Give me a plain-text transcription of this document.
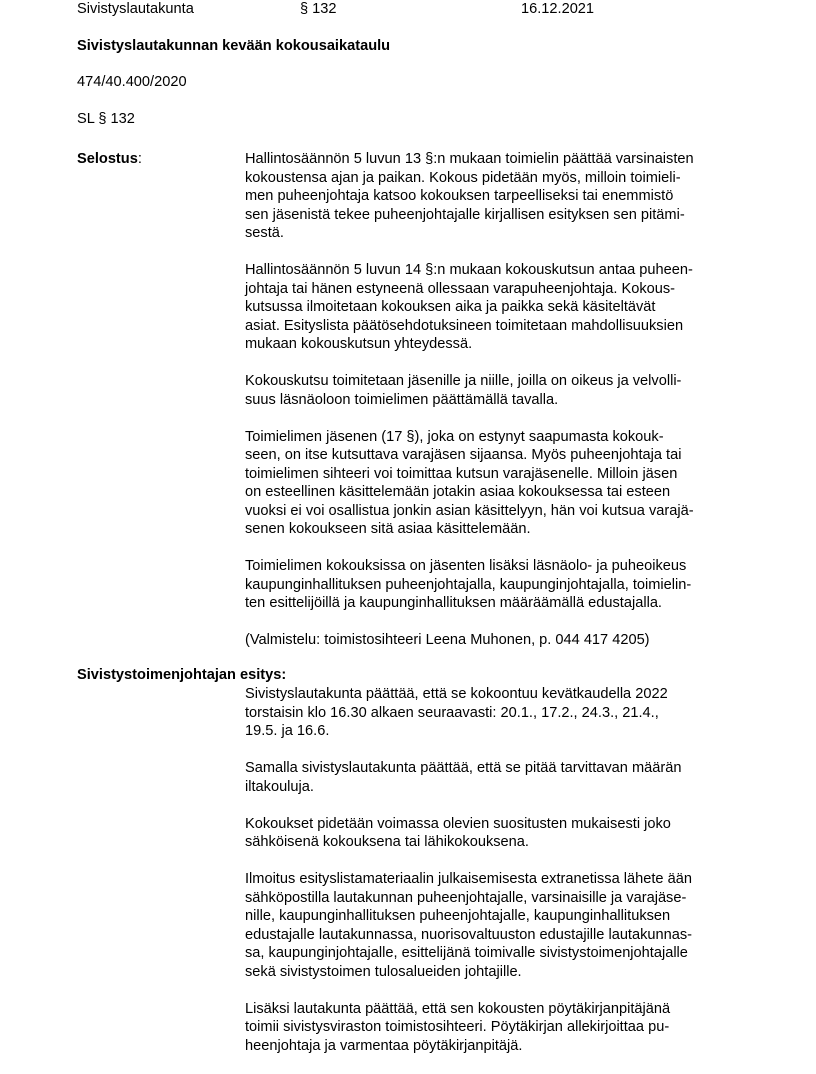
Sivistyslautakunta	§ 132	16.12.2021
Sivistyslautakunnan kevään kokousaikataulu
474/40.400/2020
SL § 132
Selostus:	Hallintosäännön 5 luvun 13 §:n mukaan toimielin päättää varsinaisten
kokoustensa ajan ja paikan. Kokous pidetään myös, milloin toimieli-
men puheenjohtaja katsoo kokouksen tarpeelliseksi tai enemmistö
sen jäsenistä tekee puheenjohtajalle kirjallisen esityksen sen pitämi-
sestä.
Hallintosäännön 5 luvun 14 §:n mukaan kokouskutsun antaa puheen-
johtaja tai hänen estyneenä ollessaan varapuheenjohtaja. Kokous-
kutsussa ilmoitetaan kokouksen aika ja paikka sekä käsiteltävät
asiat. Esityslista päätösehdotuksineen toimitetaan mahdollisuuksien
mukaan kokouskutsun yhteydessä.
Kokouskutsu toimitetaan jäsenille ja niille, joilla on oikeus ja velvolli-
suus läsnäoloon toimielimen päättämällä tavalla.
Toimielimen jäsenen (17 §), joka on estynyt saapumasta kokouk-
seen, on itse kutsuttava varajäsen sijaansa. Myös puheenjohtaja tai
toimielimen sihteeri voi toimittaa kutsun varajäsenelle. Milloin jäsen
on esteellinen käsittelemään jotakin asiaa kokouksessa tai esteen
vuoksi ei voi osallistua jonkin asian käsittelyyn, hän voi kutsua varajä-
senen kokoukseen sitä asiaa käsittelemään.
Toimielimen kokouksissa on jäsenten lisäksi läsnäolo- ja puheoikeus
kaupunginhallituksen puheenjohtajalla, kaupunginjohtajalla, toimielin-
ten esittelijöillä ja kaupunginhallituksen määräämällä edustajalla.
(Valmistelu: toimistosihteeri Leena Muhonen, p. 044 417 4205)
Sivistystoimenjohtajan esitys:
Sivistyslautakunta päättää, että se kokoontuu kevätkaudella 2022
torstaisin klo 16.30 alkaen seuraavasti: 20.1., 17.2., 24.3., 21.4.,
19.5. ja 16.6.
Samalla sivistyslautakunta päättää, että se pitää tarvittavan määrän
iltakouluja.
Kokoukset pidetään voimassa olevien suositusten mukaisesti joko
sähköisenä kokouksena tai lähikokouksena.
Ilmoitus esityslistamateriaalin julkaisemisesta extranetissa lähete ään
sähköpostilla lautakunnan puheenjohtajalle, varsinaisille ja varajäse-
nille, kaupunginhallituksen puheenjohtajalle, kaupunginhallituksen
edustajalle lautakunnassa, nuorisovaltuuston edustajille lautakunnas-
sa, kaupunginjohtajalle, esittelijänä toimivalle sivistystoimenjohtajalle
sekä sivistystoimen tulosalueiden johtajille.
Lisäksi lautakunta päättää, että sen kokousten pöytäkirjanpitäjänä
toimii sivistysviraston toimistosihteeri. Pöytäkirjan allekirjoittaa pu-
heenjohtaja ja varmentaa pöytäkirjanpitäjä.
